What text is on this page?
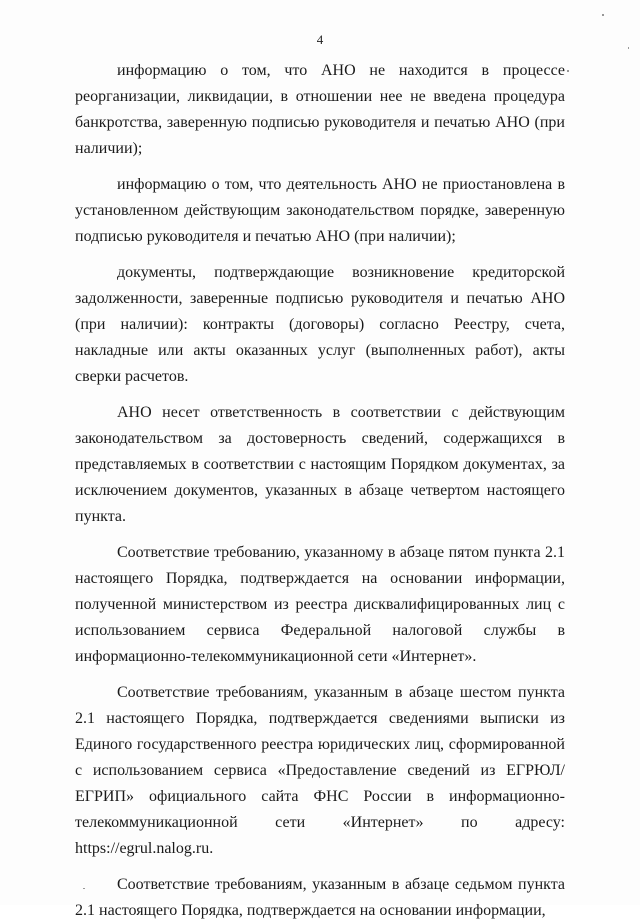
4

информацию о том, что АНО не находится в процессе реорганизации, ликвидации, в отношении нее не введена процедура банкротства, заверенную подписью руководителя и печатью АНО (при наличии);

информацию о том, что деятельность АНО не приостановлена в установленном действующим законодательством порядке, заверенную подписью руководителя и печатью АНО (при наличии);

документы, подтверждающие возникновение кредиторской задолженности, заверенные подписью руководителя и печатью АНО (при наличии): контракты (договоры) согласно Реестру, счета, накладные или акты оказанных услуг (выполненных работ), акты сверки расчетов.

АНО несет ответственность в соответствии с действующим законодательством за достоверность сведений, содержащихся в представляемых в соответствии с настоящим Порядком документах, за исключением документов, указанных в абзаце четвертом настоящего пункта.

Соответствие требованию, указанному в абзаце пятом пункта 2.1 настоящего Порядка, подтверждается на основании информации, полученной министерством из реестра дисквалифицированных лиц с использованием сервиса Федеральной налоговой службы в информационно-телекоммуникационной сети «Интернет».

Соответствие требованиям, указанным в абзаце шестом пункта 2.1 настоящего Порядка, подтверждается сведениями выписки из Единого государственного реестра юридических лиц, сформированной с использованием сервиса «Предоставление сведений из ЕГРЮЛ/ЕГРИП» официального сайта ФНС России в информационно-телекоммуникационной сети «Интернет» по адресу: https://egrul.nalog.ru.

Соответствие требованиям, указанным в абзаце седьмом пункта 2.1 настоящего Порядка, подтверждается на основании информации,
